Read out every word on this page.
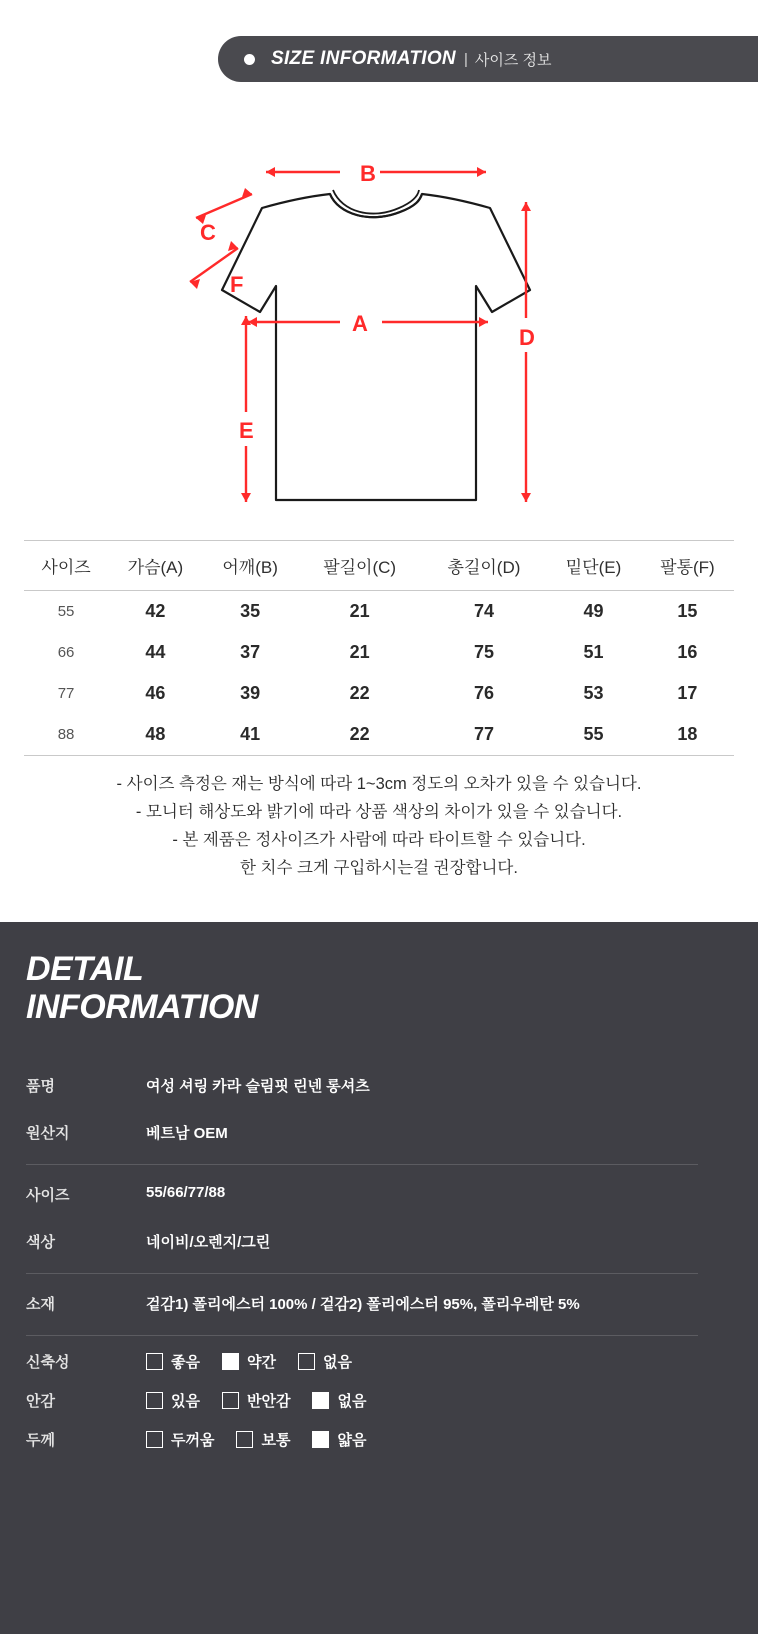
SIZE INFORMATION | 사이즈 정보
B
C
F
A
D
E
사이즈	가슴(A)	어깨(B)	팔길이(C)	총길이(D)	밑단(E)	팔통(F)
55	42	35	21	74	49	15
66	44	37	21	75	51	16
77	46	39	22	76	53	17
88	48	41	22	77	55	18

- 사이즈 측정은 재는 방식에 따라 1~3cm 정도의 오차가 있을 수 있습니다.

- 모니터 해상도와 밝기에 따라 상품 색상의 차이가 있을 수 있습니다.

- 본 제품은 정사이즈가 사람에 따라 타이트할 수 있습니다.

한 치수 크게 구입하시는걸 권장합니다.

DETAIL
INFORMATION
품명	여성 셔링 카라 슬림핏 린넨 롱셔츠
원산지	베트남 OEM
사이즈	55/66/77/88
색상	네이비/오렌지/그린
소재	겉감1) 폴리에스터 100% / 겉감2) 폴리에스터 95%, 폴리우레탄 5%
신축성	좋음	약간	없음
안감	있음	반안감	없음
두께	두꺼움	보통	얇음
